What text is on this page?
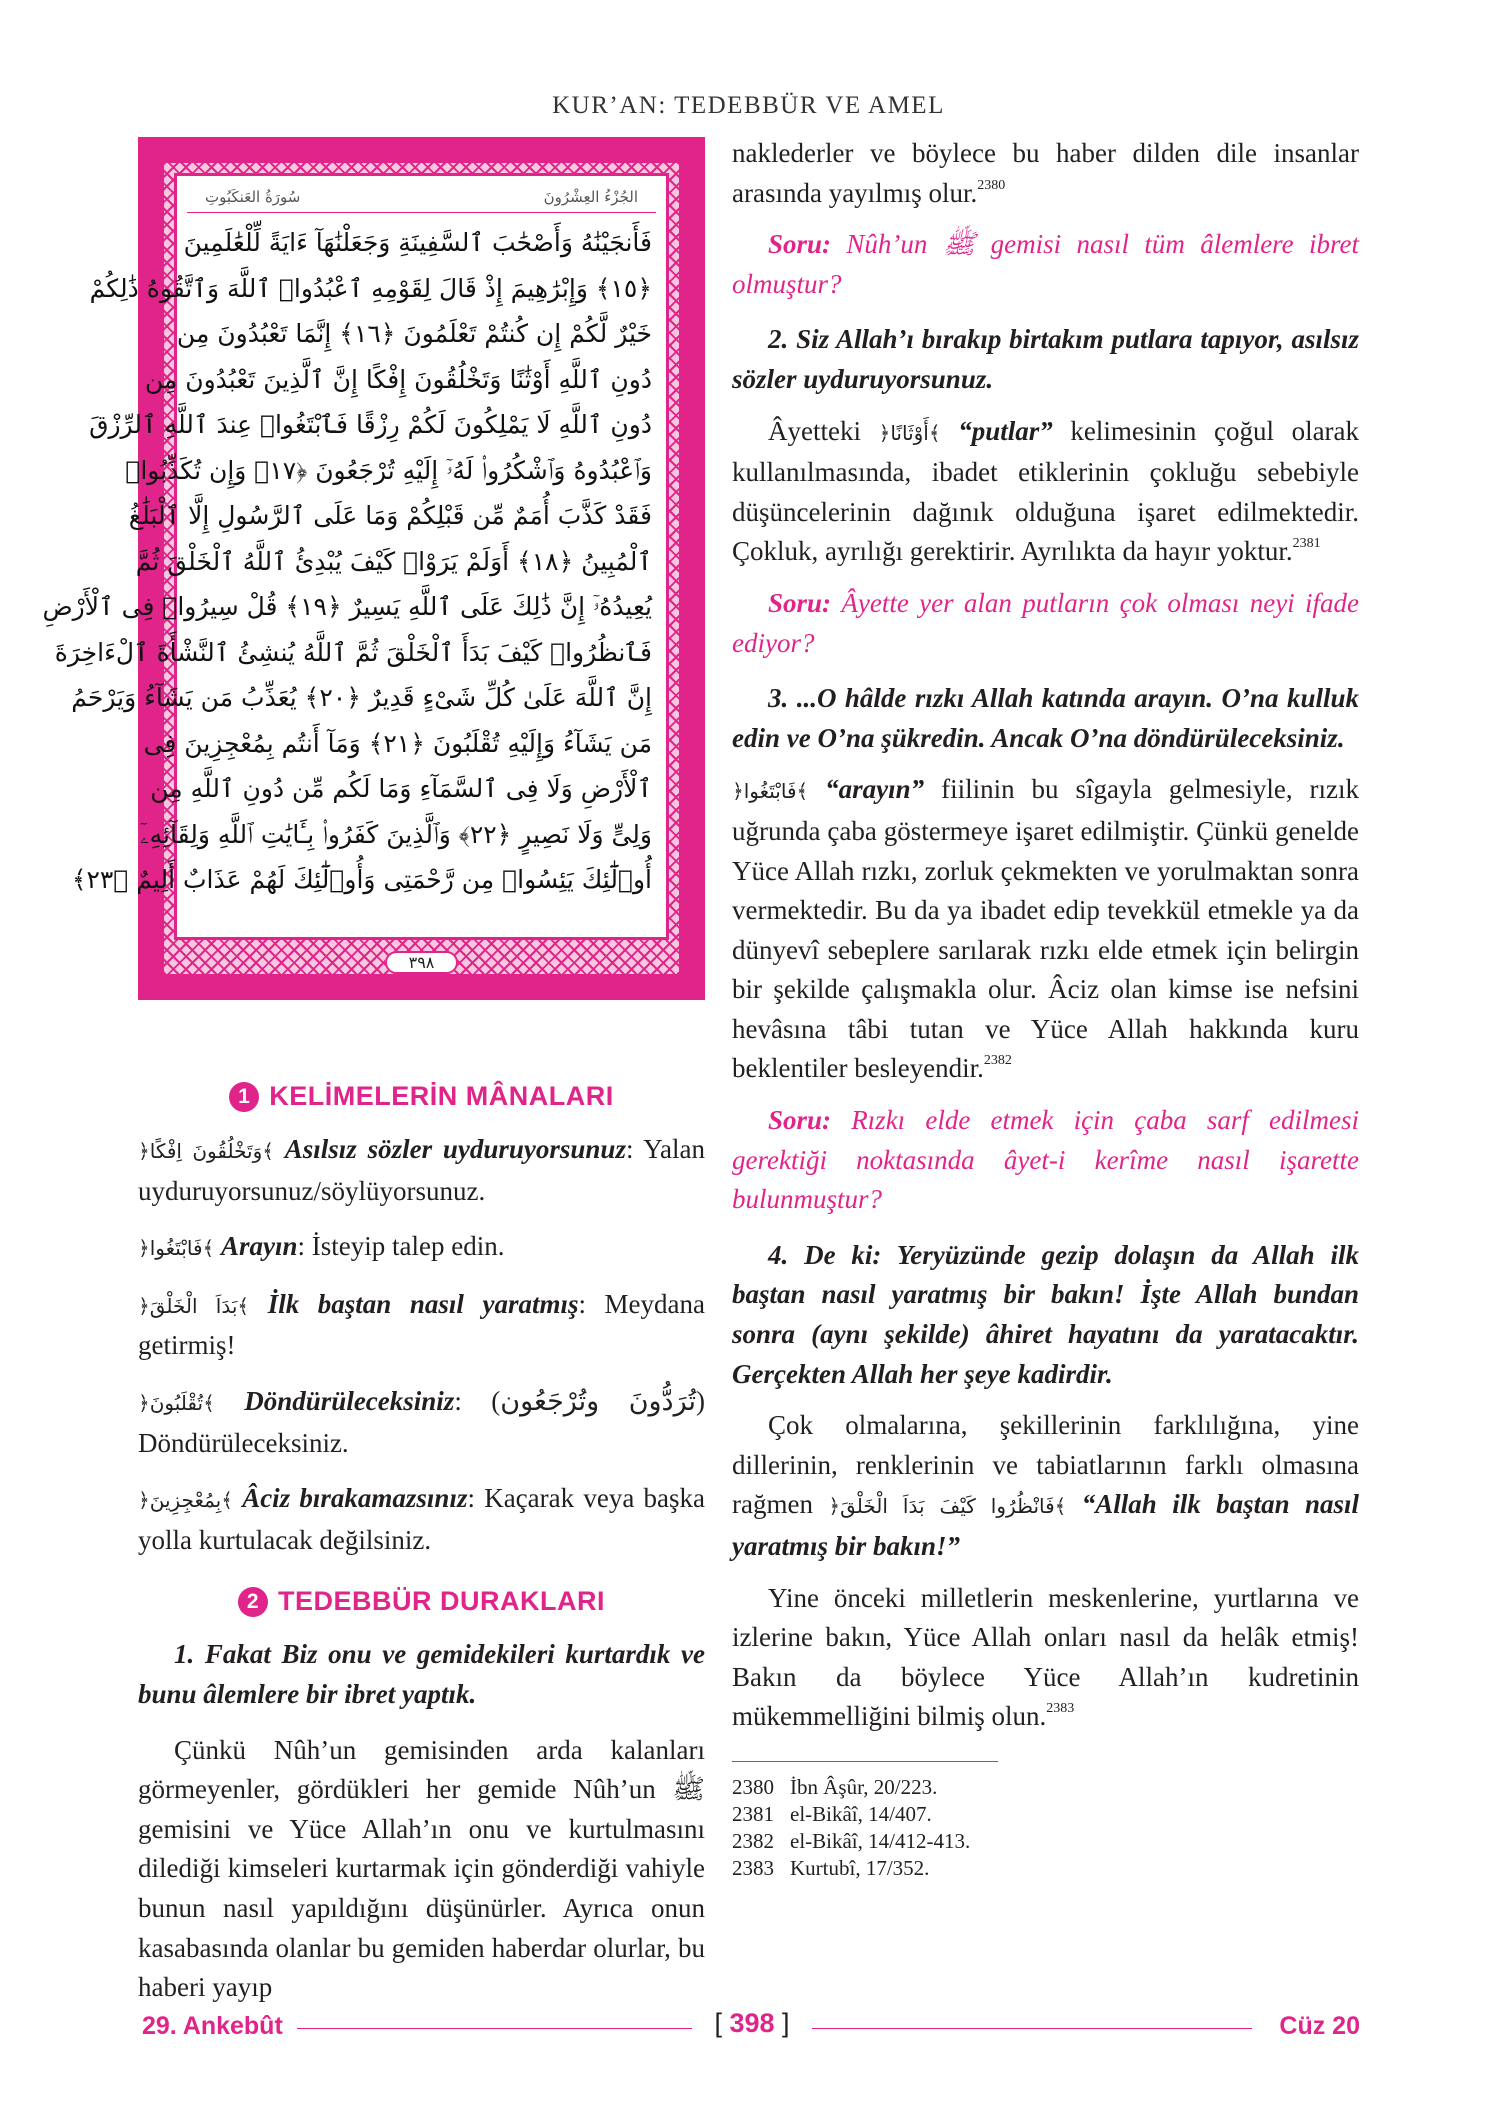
KUR’AN: TEDEBBÜR VE AMEL
الجُزْءُ العِشْرُونَ
سُورَةُ العَنكَبُوتِ
فَأَنجَيْنَٰهُ وَأَصْحَٰبَ ٱلسَّفِينَةِ وَجَعَلْنَٰهَآ ءَايَةً لِّلْعَٰلَمِينَ
﴿١٥﴾ وَإِبْرَٰهِيمَ إِذْ قَالَ لِقَوْمِهِ ٱعْبُدُوا۟ ٱللَّهَ وَٱتَّقُوهُ ذَٰلِكُمْ
خَيْرٌ لَّكُمْ إِن كُنتُمْ تَعْلَمُونَ ﴿١٦﴾ إِنَّمَا تَعْبُدُونَ مِن
دُونِ ٱللَّهِ أَوْثَٰنًا وَتَخْلُقُونَ إِفْكًا إِنَّ ٱلَّذِينَ تَعْبُدُونَ مِن
دُونِ ٱللَّهِ لَا يَمْلِكُونَ لَكُمْ رِزْقًا فَٱبْتَغُوا۟ عِندَ ٱللَّهِ ٱلرِّزْقَ
وَٱعْبُدُوهُ وَٱشْكُرُوا۟ لَهُۥٓ إِلَيْهِ تُرْجَعُونَ ﴿١٧﴾ وَإِن تُكَذِّبُوا۟
فَقَدْ كَذَّبَ أُمَمٌ مِّن قَبْلِكُمْ وَمَا عَلَى ٱلرَّسُولِ إِلَّا ٱلْبَلَٰغُ
ٱلْمُبِينُ ﴿١٨﴾ أَوَلَمْ يَرَوْا۟ كَيْفَ يُبْدِئُ ٱللَّهُ ٱلْخَلْقَ ثُمَّ
يُعِيدُهُۥٓ إِنَّ ذَٰلِكَ عَلَى ٱللَّهِ يَسِيرٌ ﴿١٩﴾ قُلْ سِيرُوا۟ فِى ٱلْأَرْضِ
فَٱنظُرُوا۟ كَيْفَ بَدَأَ ٱلْخَلْقَ ثُمَّ ٱللَّهُ يُنشِئُ ٱلنَّشْأَةَ ٱلْءَاخِرَةَ
إِنَّ ٱللَّهَ عَلَىٰ كُلِّ شَىْءٍ قَدِيرٌ ﴿٢٠﴾ يُعَذِّبُ مَن يَشَآءُ وَيَرْحَمُ
مَن يَشَآءُ وَإِلَيْهِ تُقْلَبُونَ ﴿٢١﴾ وَمَآ أَنتُم بِمُعْجِزِينَ فِى
ٱلْأَرْضِ وَلَا فِى ٱلسَّمَآءِ وَمَا لَكُم مِّن دُونِ ٱللَّهِ مِن
وَلِىٍّ وَلَا نَصِيرٍ ﴿٢٢﴾ وَٱلَّذِينَ كَفَرُوا۟ بِـَٔايَٰتِ ٱللَّهِ وَلِقَآئِهِۦٓ
أُو۟لَٰٓئِكَ يَئِسُوا۟ مِن رَّحْمَتِى وَأُو۟لَٰٓئِكَ لَهُمْ عَذَابٌ أَلِيمٌ ﴿٢٣﴾
٣٩٨
1 KELİMELERİN MÂNALARI

﴿وَتَخْلُقُونَ اِفْكًا﴾ Asılsız sözler uyduruyorsunuz: Yalan uyduruyorsunuz/söylüyorsunuz.

﴿فَابْتَغُوا﴾ Arayın: İsteyip talep edin.

﴿بَدَاَ الْخَلْقَ﴾ İlk baştan nasıl yaratmış: Meydana getirmiş!

﴿تُقْلَبُونَ﴾ Döndürüleceksiniz: (تُرَدُّونَ وتُرْجَعُون) Döndürüleceksiniz.

﴿بِمُعْجِزِينَ﴾ Âciz bırakamazsınız: Kaçarak veya başka yolla kurtulacak değilsiniz.

2 TEDEBBÜR DURAKLARI

1. Fakat Biz onu ve gemidekileri kurtardık ve bunu âlemlere bir ibret yaptık.

Çünkü Nûh’un gemisinden arda kalanları görmeyenler, gördükleri her gemide Nûh’un ﷺ gemisini ve Yüce Allah’ın onu ve kurtulmasını dilediği kimseleri kurtarmak için gönderdiği vahiyle bunun nasıl yapıldığını düşünürler. Ayrıca onun kasabasında olanlar bu gemiden haberdar olurlar, bu haberi yayıp

naklederler ve böylece bu haber dilden dile insanlar arasında yayılmış olur.$^{2380}$

Soru: Nûh’un ﷺ gemisi nasıl tüm âlemlere ibret olmuştur?

2. Siz Allah’ı bırakıp birtakım putlara tapıyor, asılsız sözler uyduruyorsunuz.

Âyetteki ﴿أَوْثَانًا﴾ “putlar” kelimesinin çoğul olarak kullanılmasında, ibadet etiklerinin çokluğu sebebiyle düşüncelerinin dağınık olduğuna işaret edilmektedir. Çokluk, ayrılığı gerektirir. Ayrılıkta da hayır yoktur.$^{2381}$

Soru: Âyette yer alan putların çok olması neyi ifade ediyor?

3. ...O hâlde rızkı Allah katında arayın. O’na kulluk edin ve O’na şükredin. Ancak O’na döndürüleceksiniz.

﴿فَابْتَغُوا﴾ “arayın” fiilinin bu sîgayla gelmesiyle, rızık uğrunda çaba göstermeye işaret edilmiştir. Çünkü genelde Yüce Allah rızkı, zorluk çekmekten ve yorulmaktan sonra vermektedir. Bu da ya ibadet edip tevekkül etmekle ya da dünyevî sebeplere sarılarak rızkı elde etmek için belirgin bir şekilde çalışmakla olur. Âciz olan kimse ise nefsini hevâsına tâbi tutan ve Yüce Allah hakkında kuru beklentiler besleyendir.$^{2382}$

Soru: Rızkı elde etmek için çaba sarf edilmesi gerektiği noktasında âyet-i kerîme nasıl işarette bulunmuştur?

4. De ki: Yeryüzünde gezip dolaşın da Allah ilk baştan nasıl yaratmış bir bakın! İşte Allah bundan sonra (aynı şekilde) âhiret hayatını da yaratacaktır. Gerçekten Allah her şeye kadirdir.

Çok olmalarına, şekillerinin farklılığına, yine dillerinin, renklerinin ve tabiatlarının farklı olmasına rağmen ﴿فَانْظُرُوا كَيْفَ بَدَاَ الْخَلْقَ﴾ “Allah ilk baştan nasıl yaratmış bir bakın!”

Yine önceki milletlerin meskenlerine, yurtlarına ve izlerine bakın, Yüce Allah onları nasıl da helâk etmiş! Bakın da böylece Yüce Allah’ın kudretinin mükemmelliğini bilmiş olun.$^{2383}$

2380 İbn Âşûr, 20/223.
2381 el-Bikâî, 14/407.
2382 el-Bikâî, 14/412-413.
2383 Kurtubî, 17/352.
29. Ankebût	[ 398 ]	Cüz 20
